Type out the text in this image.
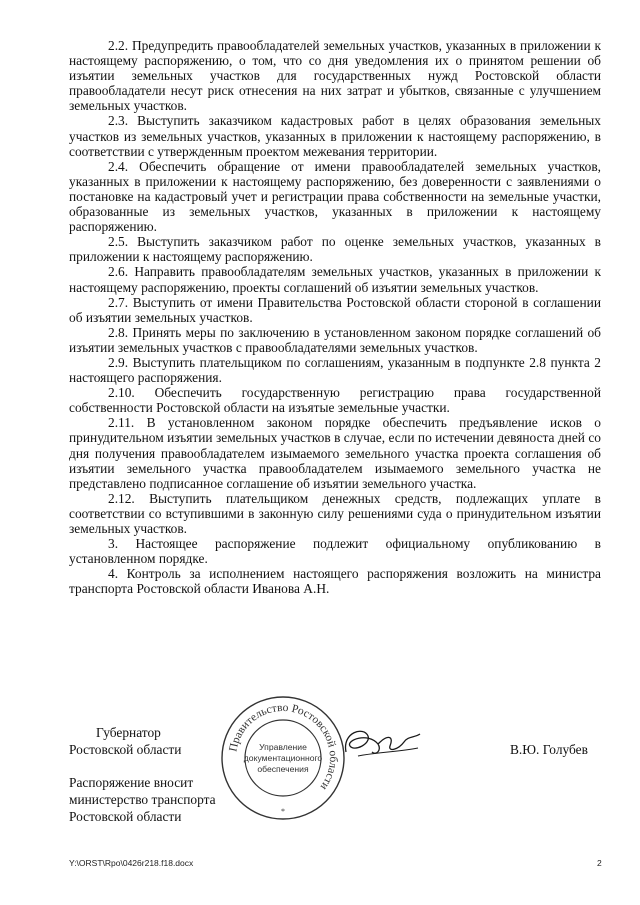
2.2. Предупредить правообладателей земельных участков, указанных в приложении к настоящему распоряжению, о том, что со дня уведомления их о принятом решении об изъятии земельных участков для государственных нужд Ростовской области правообладатели несут риск отнесения на них затрат и убытков, связанные с улучшением земельных участков.

2.3. Выступить заказчиком кадастровых работ в целях образования земельных участков из земельных участков, указанных в приложении к настоящему распоряжению, в соответствии с утвержденным проектом межевания территории.

2.4. Обеспечить обращение от имени правообладателей земельных участков, указанных в приложении к настоящему распоряжению, без доверенности с заявлениями о постановке на кадастровый учет и регистрации права собственности на земельные участки, образованные из земельных участков, указанных в приложении к настоящему распоряжению.

2.5. Выступить заказчиком работ по оценке земельных участков, указанных в приложении к настоящему распоряжению.

2.6. Направить правообладателям земельных участков, указанных в приложении к настоящему распоряжению, проекты соглашений об изъятии земельных участков.

2.7. Выступить от имени Правительства Ростовской области стороной в соглашении об изъятии земельных участков.

2.8. Принять меры по заключению в установленном законом порядке соглашений об изъятии земельных участков с правообладателями земельных участков.

2.9. Выступить плательщиком по соглашениям, указанным в подпункте 2.8 пункта 2 настоящего распоряжения.

2.10. Обеспечить государственную регистрацию права государственной собственности Ростовской области на изъятые земельные участки.

2.11. В установленном законом порядке обеспечить предъявление исков о принудительном изъятии земельных участков в случае, если по истечении девяноста дней со дня получения правообладателем изымаемого земельного участка проекта соглашения об изъятии земельного участка правообладателем изымаемого земельного участка не представлено подписанное соглашение об изъятии земельного участка.

2.12. Выступить плательщиком денежных средств, подлежащих уплате в соответствии со вступившими в законную силу решениями суда о принудительном изъятии земельных участков.

3. Настоящее распоряжение подлежит официальному опубликованию в установленном порядке.

4. Контроль за исполнением настоящего распоряжения возложить на министра транспорта Ростовской области Иванова А.Н.

Губернатор
Ростовской области	В.Ю. Голубев
Распоряжение вносит
министерство транспорта
Ростовской области
Правительство Ростовской области
Управление
документационного
обеспечения
*
Y:\ORST\Rpo\0426r218.f18.docx	2
